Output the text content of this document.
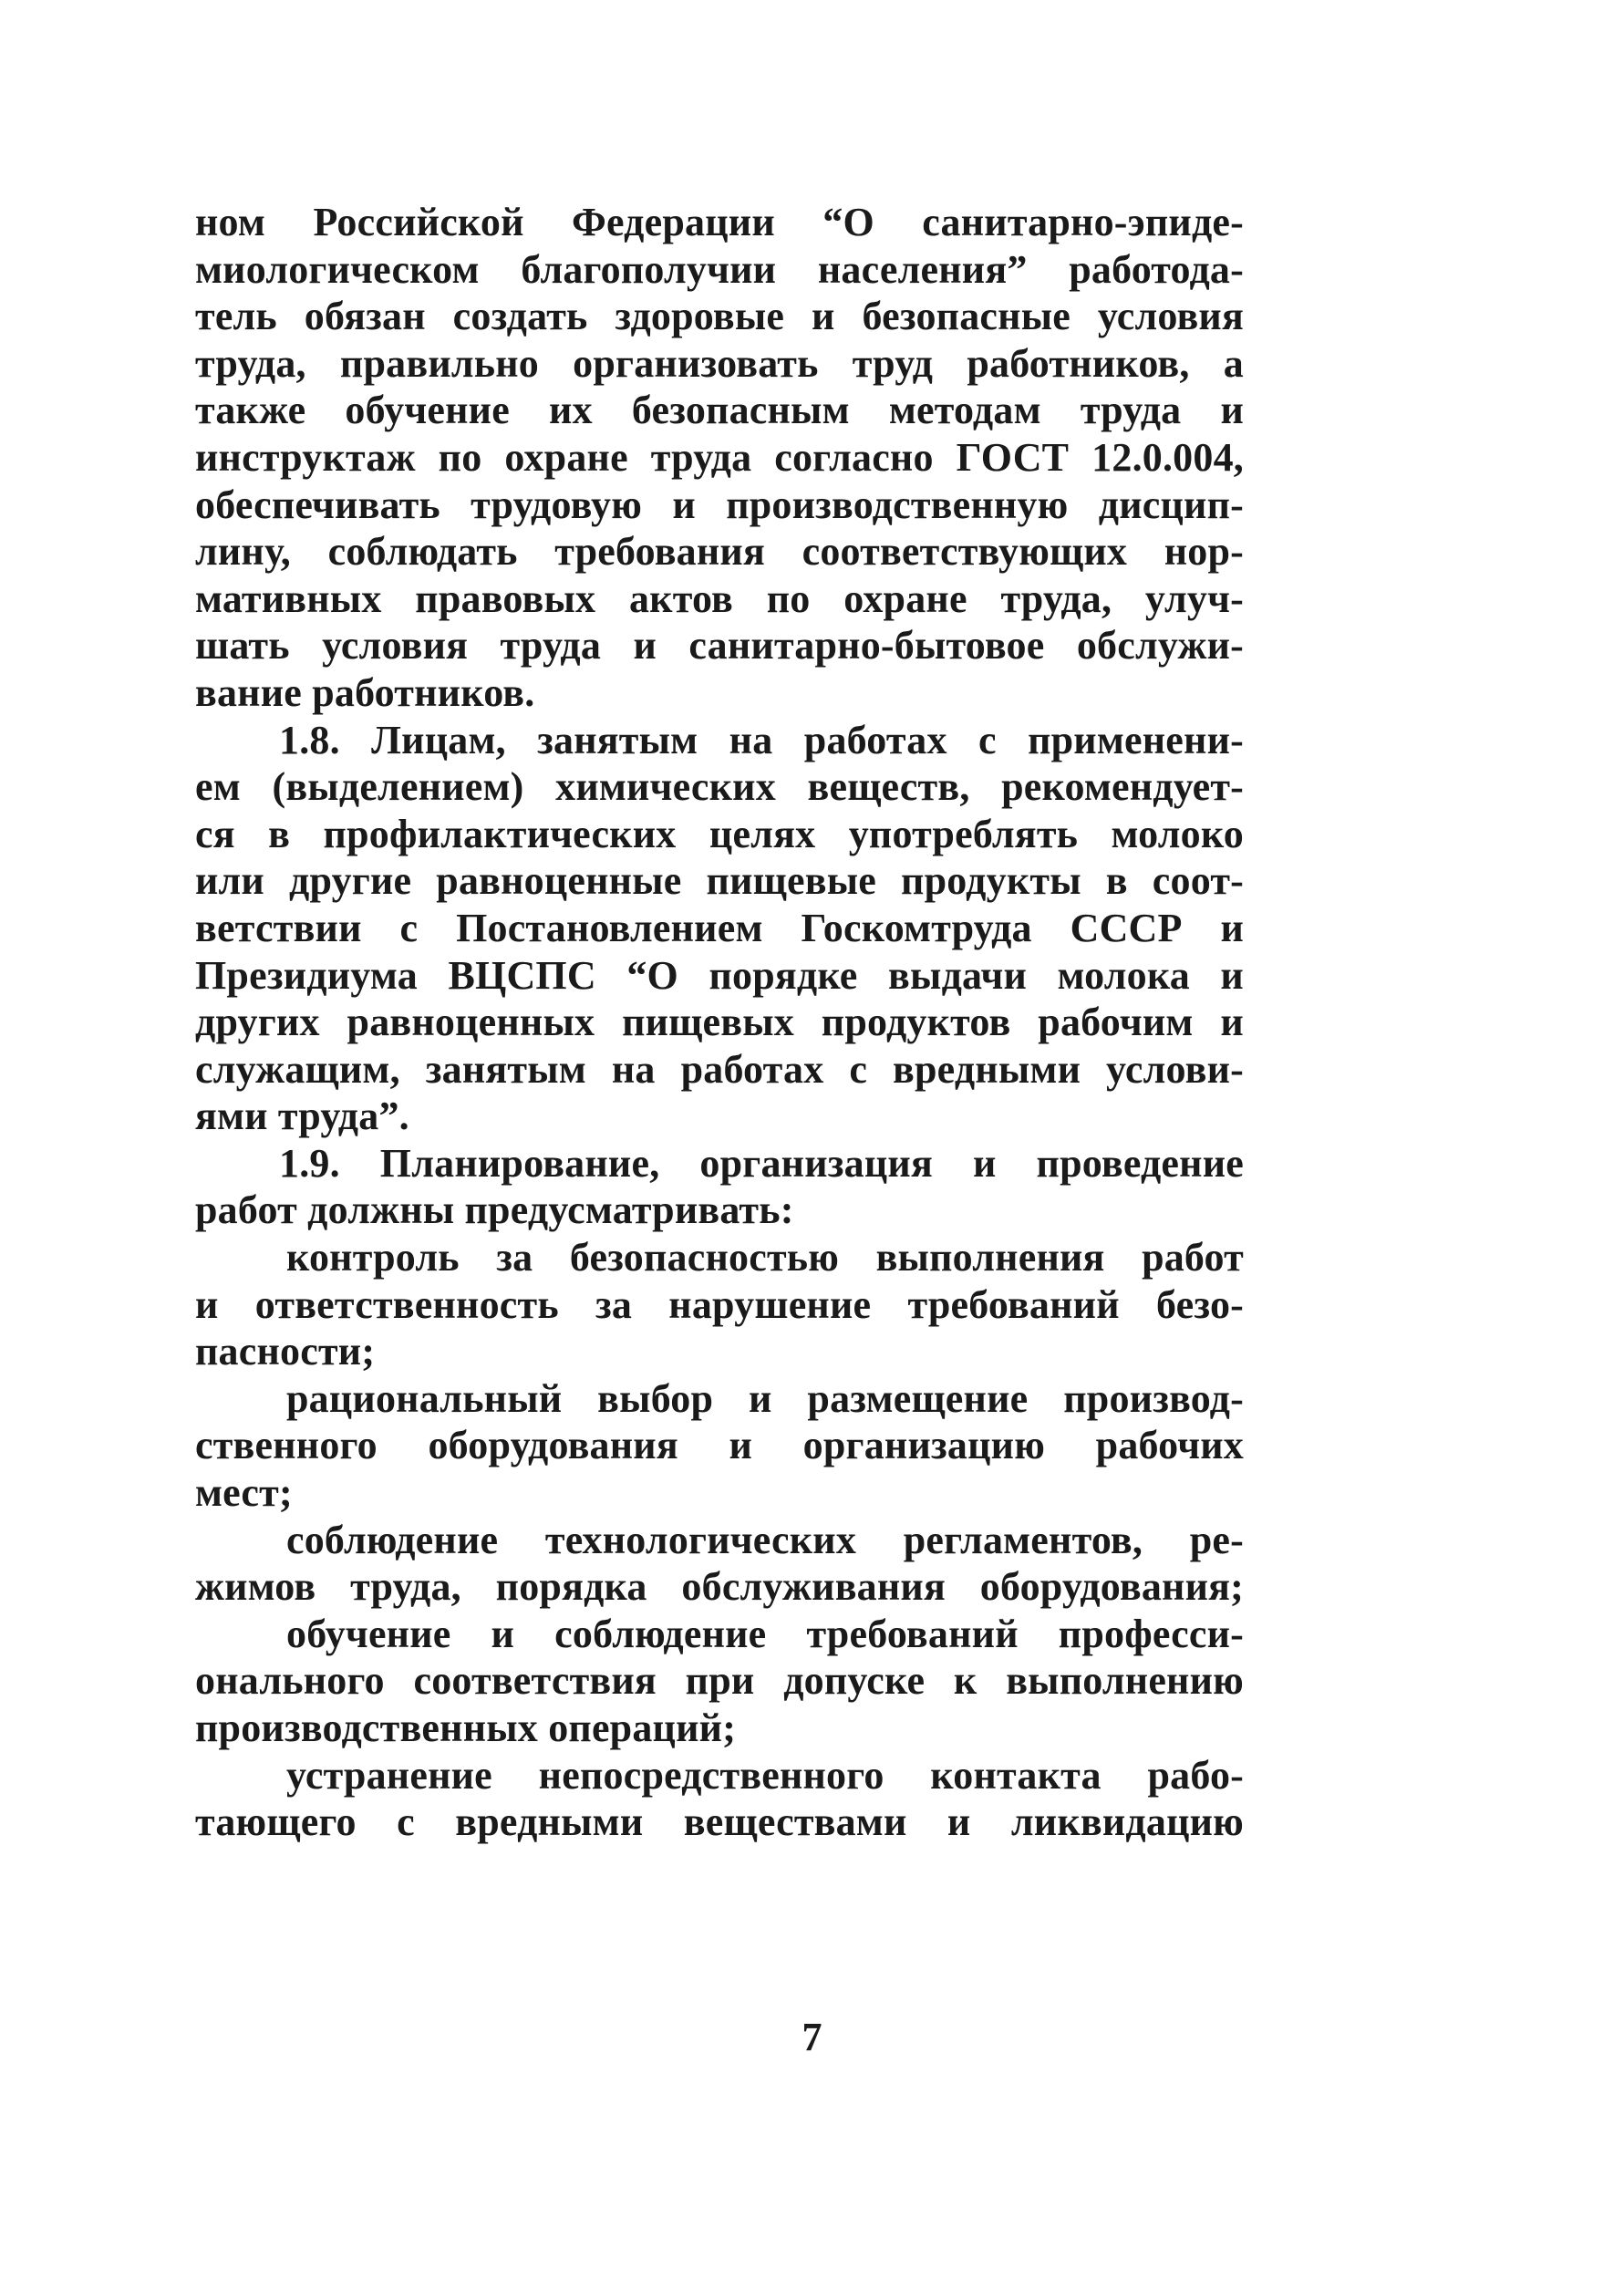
ном Российской Федерации “О санитарно-эпиде-
миологическом благополучии населения” работода-
тель обязан создать здоровые и безопасные условия
труда, правильно организовать труд работников, а
также обучение их безопасным методам труда и
инструктаж по охране труда согласно ГОСТ 12.0.004,
обеспечивать трудовую и производственную дисцип-
лину, соблюдать требования соответствующих нор-
мативных правовых актов по охране труда, улуч-
шать условия труда и санитарно-бытовое обслужи-
вание работников.
1.8. Лицам, занятым на работах с применени-
ем (выделением) химических веществ, рекомендует-
ся в профилактических целях употреблять молоко
или другие равноценные пищевые продукты в соот-
ветствии с Постановлением Госкомтруда СССР и
Президиума ВЦСПС “О порядке выдачи молока и
других равноценных пищевых продуктов рабочим и
служащим, занятым на работах с вредными услови-
ями труда”.
1.9. Планирование, организация и проведение
работ должны предусматривать:
контроль за безопасностью выполнения работ
и ответственность за нарушение требований безо-
пасности;
рациональный выбор и размещение производ-
ственного оборудования и организацию рабочих
мест;
соблюдение технологических регламентов, ре-
жимов труда, порядка обслуживания оборудования;
обучение и соблюдение требований професси-
онального соответствия при допуске к выполнению
производственных операций;
устранение непосредственного контакта рабо-
тающего с вредными веществами и ликвидацию
7
